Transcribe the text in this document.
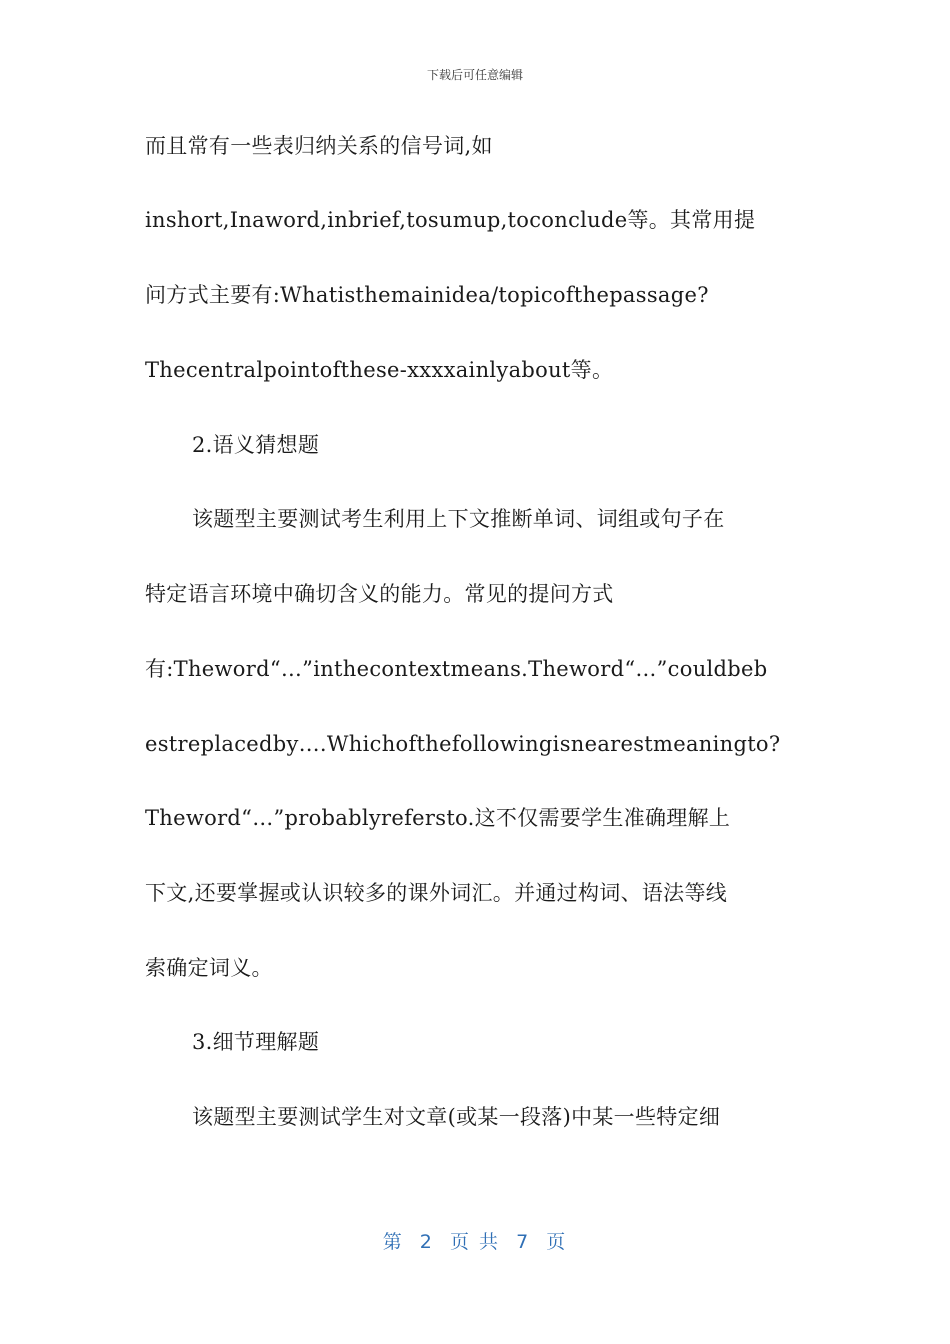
下载后可任意编辑
而且常有一些表归纳关系的信号词,如
inshort,Inaword,inbrief,tosumup,toconclude等。其常用提
问方式主要有:Whatisthemainidea/topicofthepassage?
Thecentralpointofthese-xxxxainlyabout等。
2.语义猜想题
该题型主要测试考生利用上下文推断单词、词组或句子在
特定语言环境中确切含义的能力。常见的提问方式
有:Theword“…”inthecontextmeans.Theword“…”couldbeb
estreplacedby….Whichofthefollowingisnearestmeaningto?
Theword“…”probablyrefersto.这不仅需要学生准确理解上
下文,还要掌握或认识较多的课外词汇。并通过构词、语法等线
索确定词义。
3.细节理解题
该题型主要测试学生对文章(或某一段落)中某一些特定细
第  2  页 共  7  页
